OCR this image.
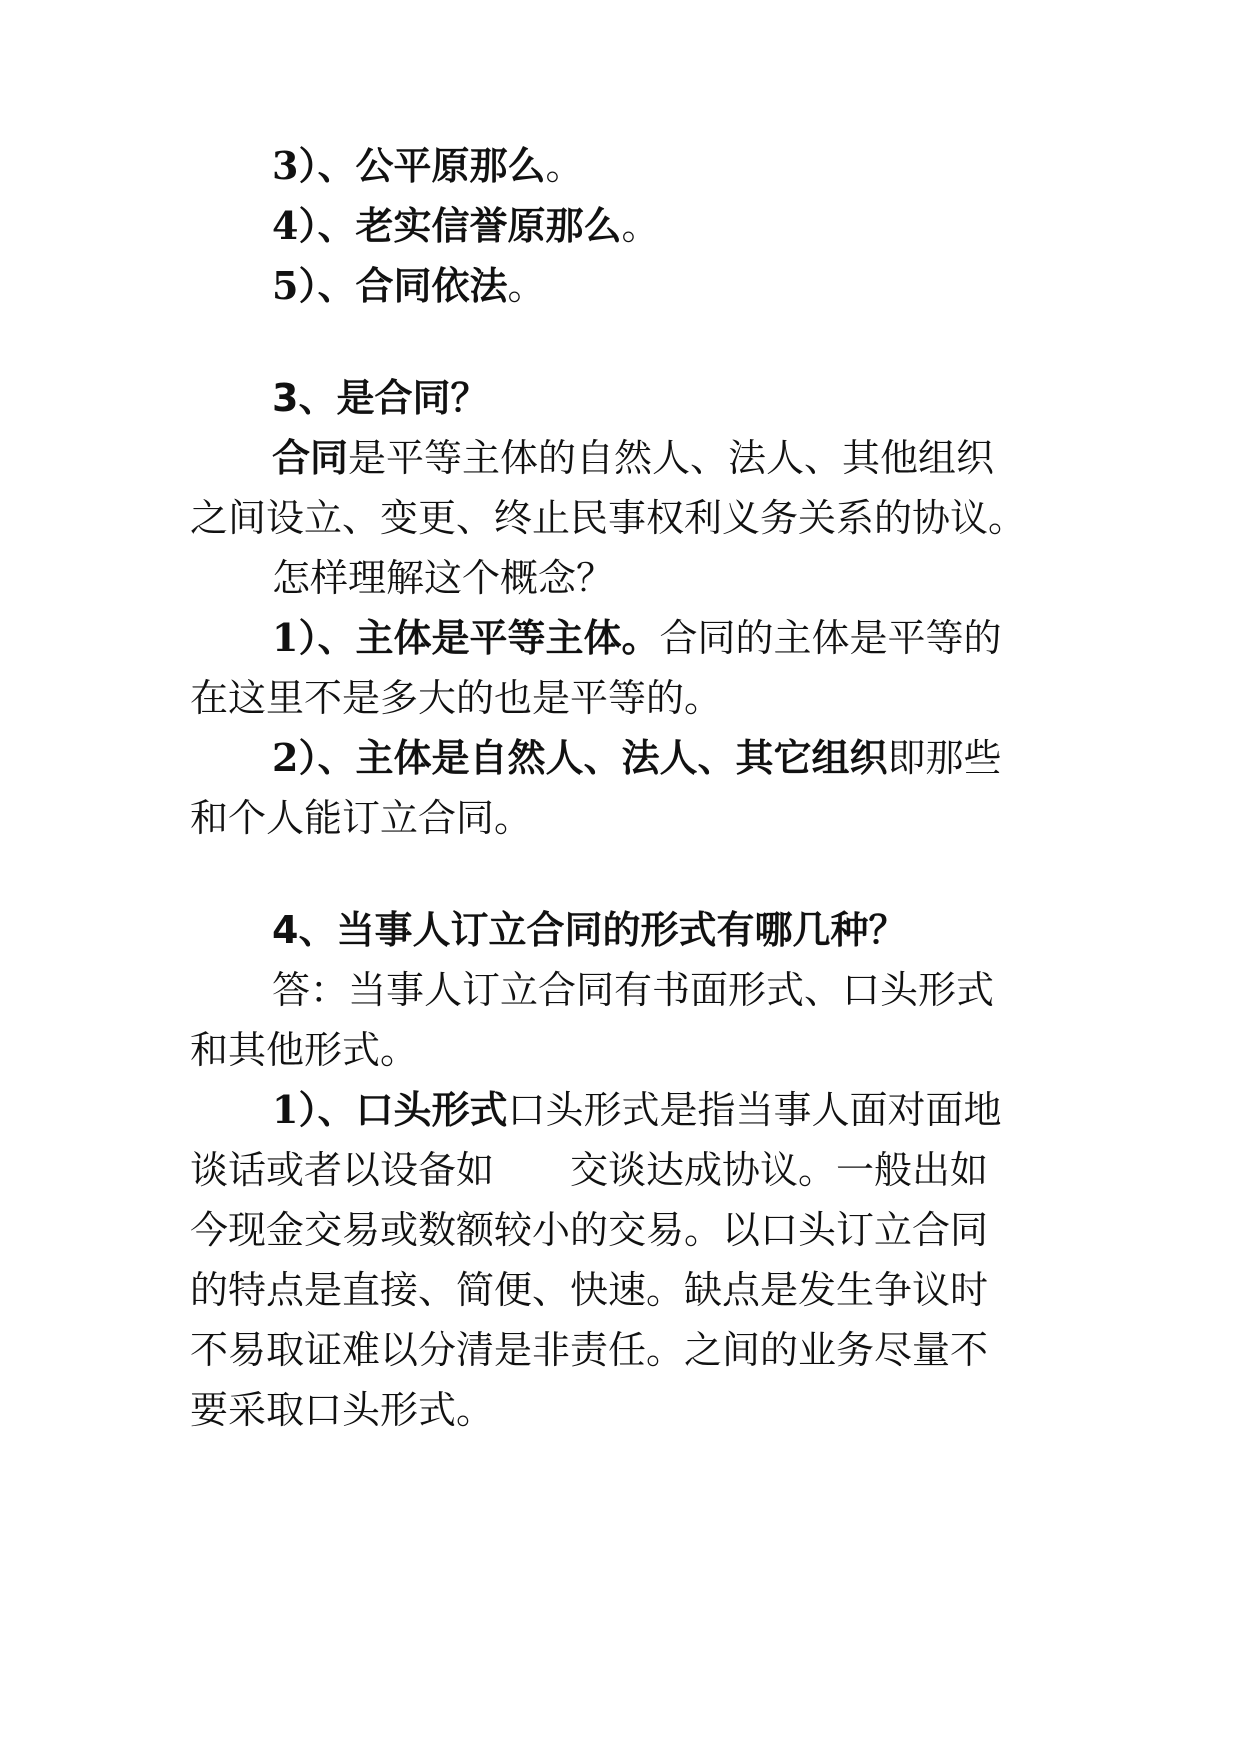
3）、公平原那么。
4）、老实信誉原那么。
5）、合同依法。
3、是合同？
合同是平等主体的自然人、法人、其他组织
之间设立、变更、终止民事权利义务关系的协议。
怎样理解这个概念？
1）、主体是平等主体。合同的主体是平等的
在这里不是多大的也是平等的。
2）、主体是自然人、法人、其它组织即那些
和个人能订立合同。
4、当事人订立合同的形式有哪几种？
答：当事人订立合同有书面形式、口头形式
和其他形式。
1）、口头形式口头形式是指当事人面对面地
谈话或者以设备如　　交谈达成协议。一般出如
今现金交易或数额较小的交易。以口头订立合同
的特点是直接、简便、快速。缺点是发生争议时
不易取证难以分清是非责任。之间的业务尽量不
要采取口头形式。
